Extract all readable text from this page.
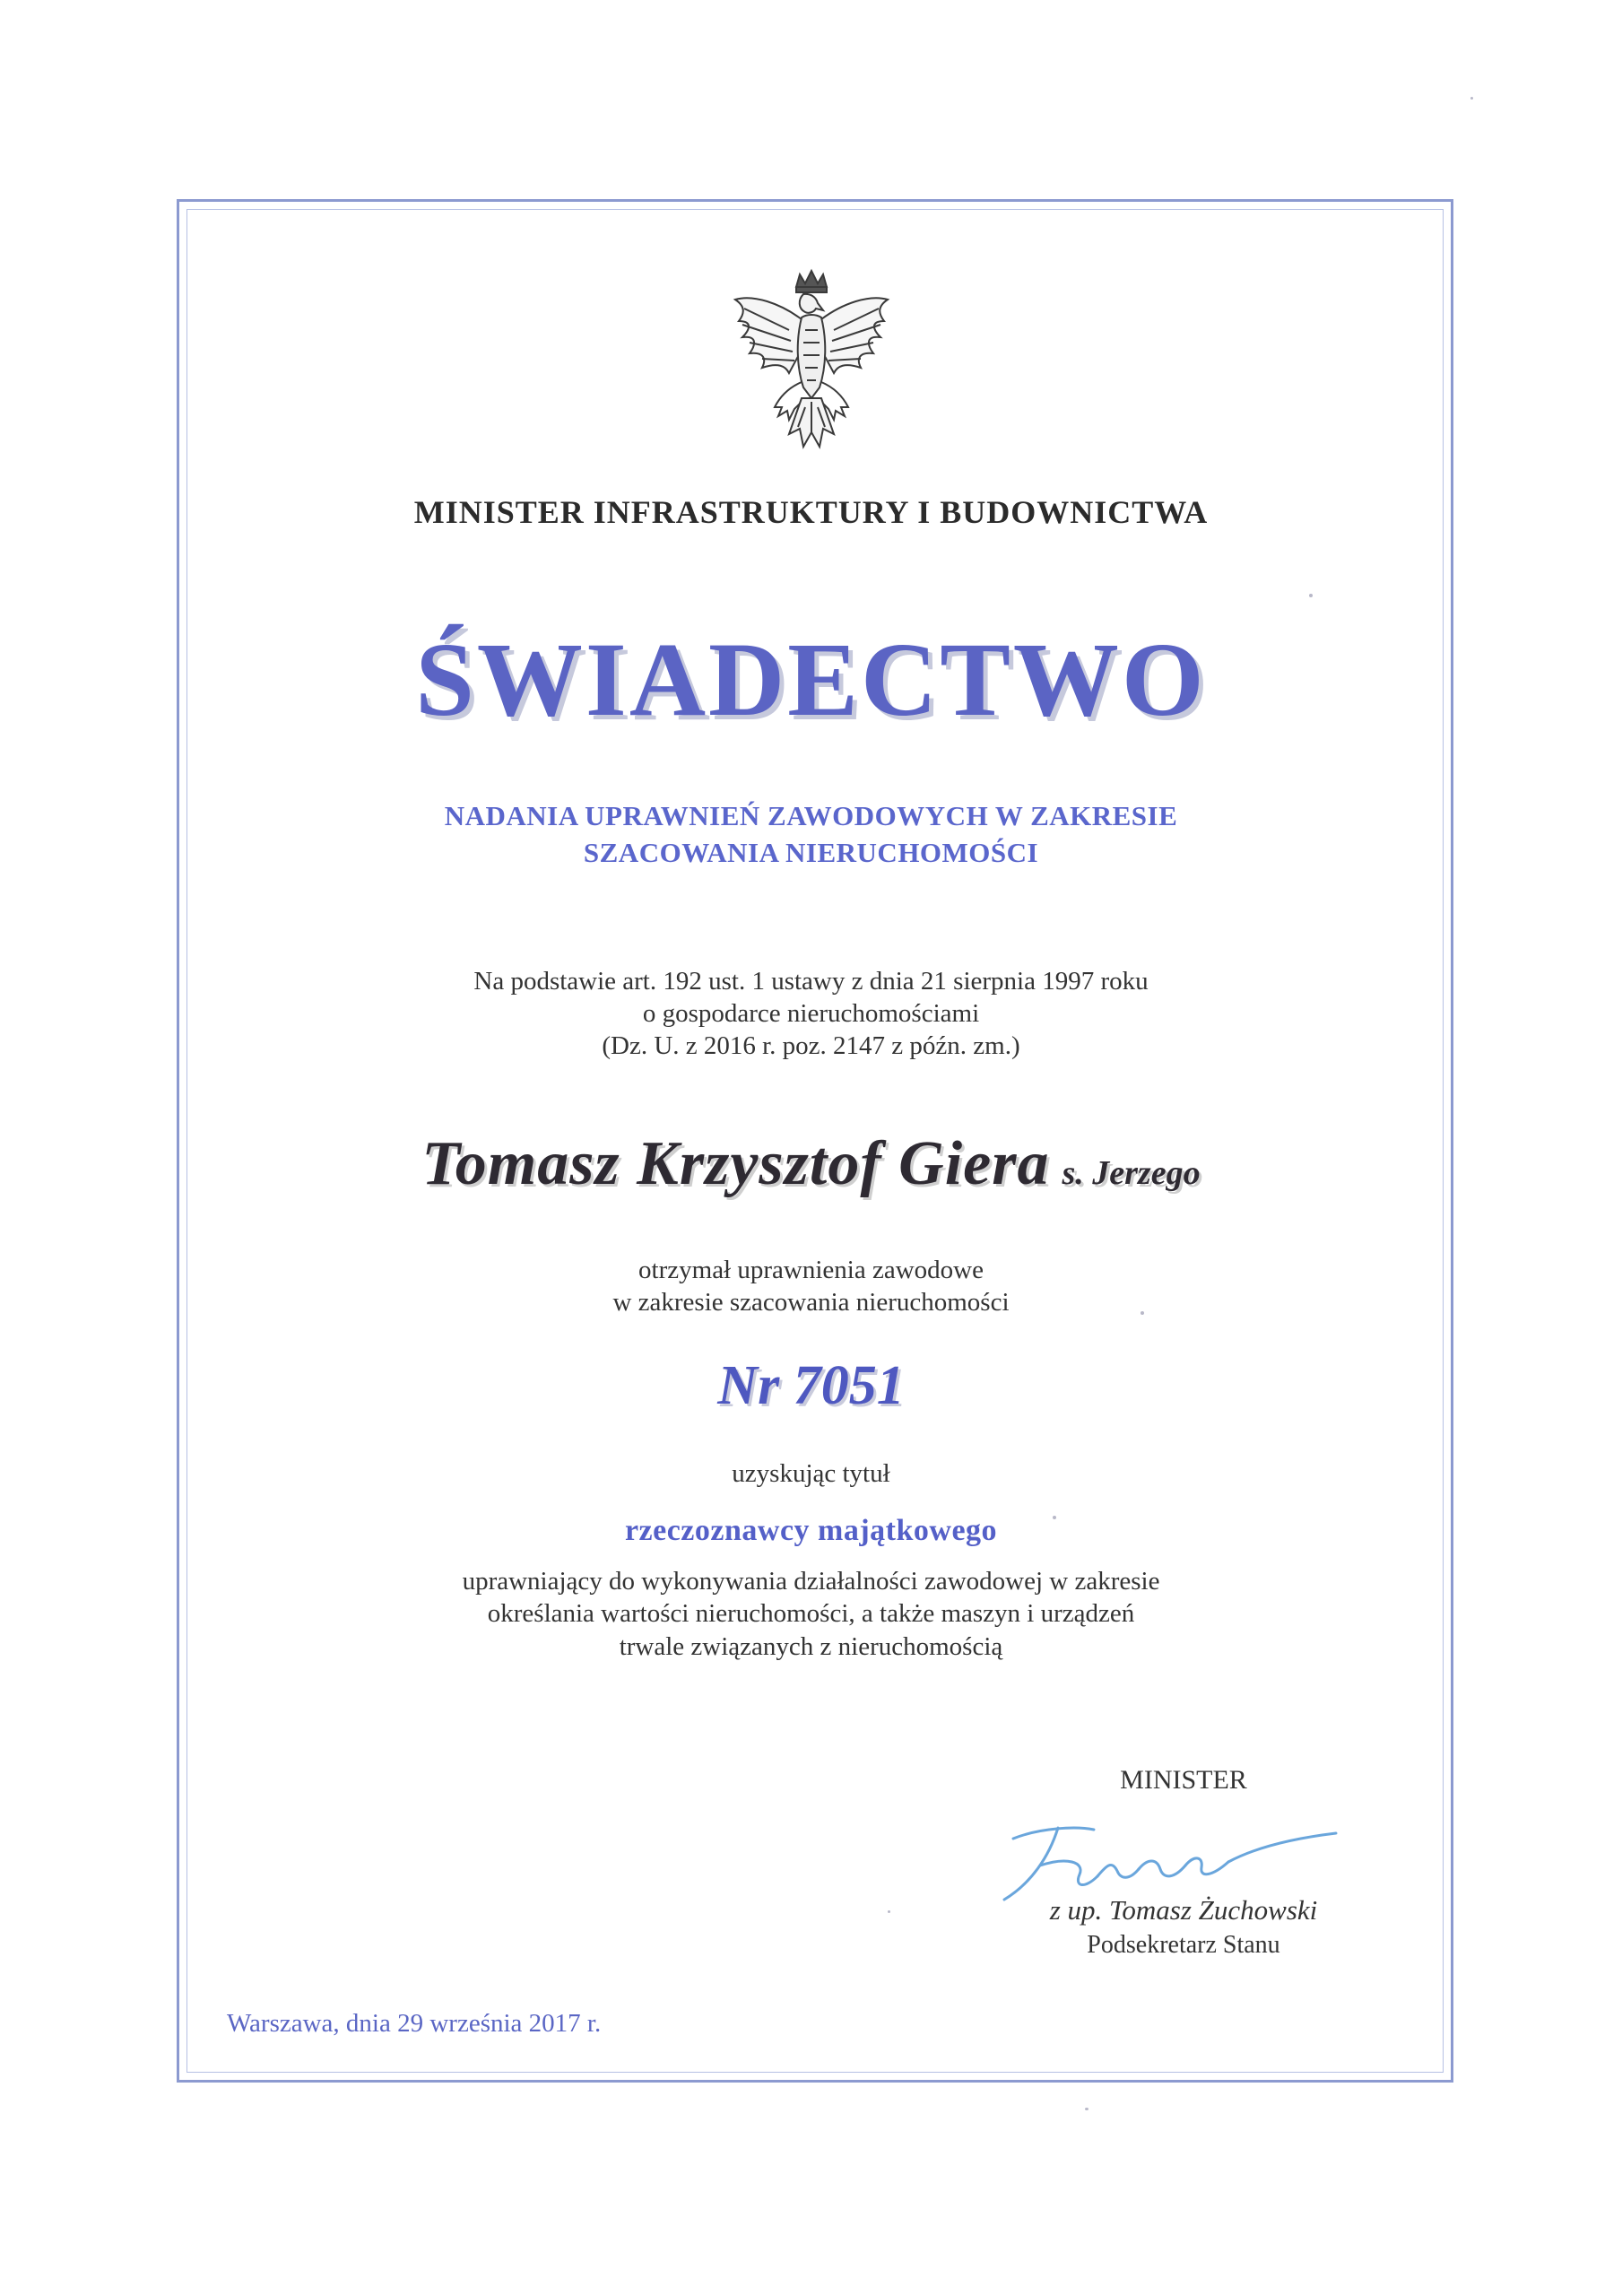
MINISTER INFRASTRUKTURY I BUDOWNICTWA
ŚWIADECTWO
NADANIA UPRAWNIEŃ ZAWODOWYCH W ZAKRESIE
SZACOWANIA NIERUCHOMOŚCI
Na podstawie art. 192 ust. 1 ustawy z dnia 21 sierpnia 1997 roku
o gospodarce nieruchomościami
(Dz. U. z 2016 r. poz. 2147 z późn. zm.)
Tomasz Krzysztof Giera s. Jerzego
otrzymał uprawnienia zawodowe
w zakresie szacowania nieruchomości
Nr 7051
uzyskując tytuł
rzeczoznawcy majątkowego
uprawniający do wykonywania działalności zawodowej w zakresie
określania wartości nieruchomości, a także maszyn i urządzeń
trwale związanych z nieruchomością
MINISTER
z up. Tomasz Żuchowski
Podsekretarz Stanu
Warszawa, dnia 29 września 2017 r.
